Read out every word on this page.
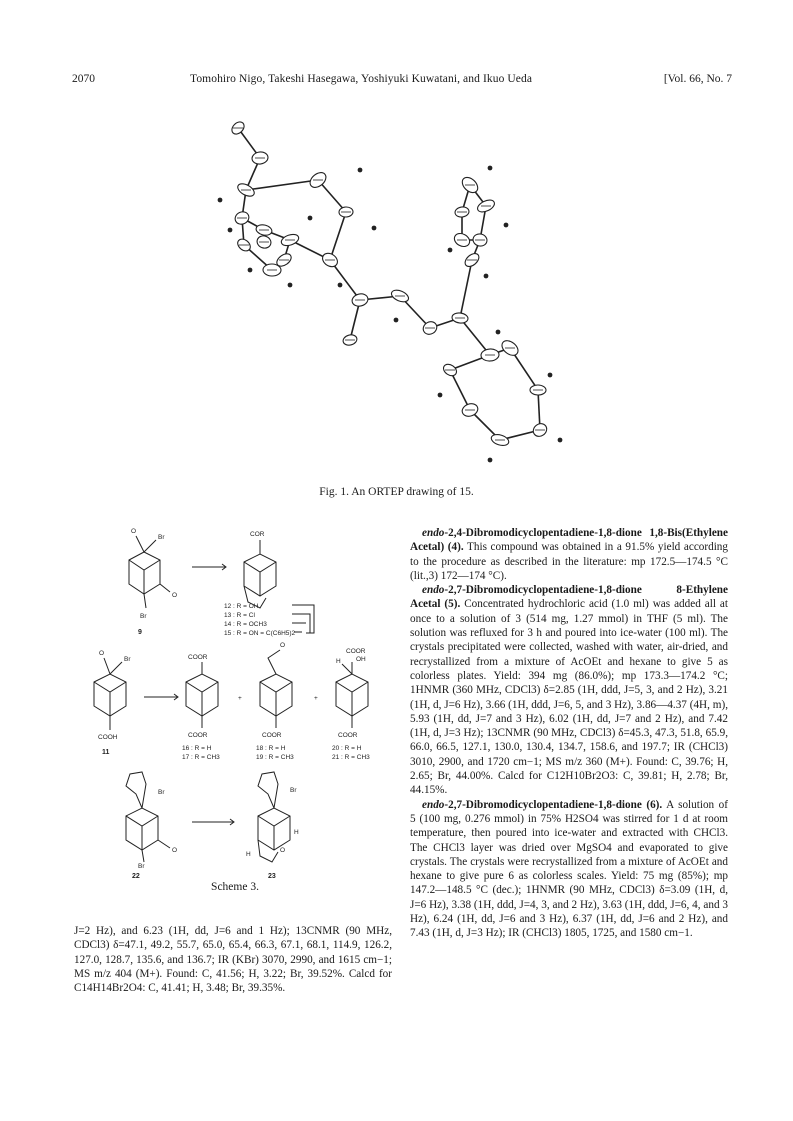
2070	Tomohiro Nigo, Takeshi Hasegawa, Yoshiyuki Kuwatani, and Ikuo Ueda	[Vol. 66, No. 7
Fig. 1. An ORTEP drawing of 15.
O
Br
Br
O
9
COR
12 : R = OH
13 : R = Cl
14 : R = OCH3
15 : R = ON = C(C6H5)2
O
Br
COOH
11
COOR
COOR
16 : R = H
17 : R = CH3
+
O
COOR
18 : R = H
19 : R = CH3
+
COOR
OH
H
COOR
20 : R = H
21 : R = CH3
Br
Br
O
22
Br
H
H
O
23
Scheme 3.

J=2 Hz), and 6.23 (1H, dd, J=6 and 1 Hz); 13CNMR (90 MHz, CDCl3) δ=47.1, 49.2, 55.7, 65.0, 65.4, 66.3, 67.1, 68.1, 114.9, 126.2, 127.0, 128.7, 135.6, and 136.7; IR (KBr) 3070, 2990, and 1615 cm−1; MS m/z 404 (M+). Found: C, 41.56; H, 3.22; Br, 39.52%. Calcd for C14H14Br2O4: C, 41.41; H, 3.48; Br, 39.35%.

endo-2,4-Dibromodicyclopentadiene-1,8-dione 1,8-Bis(Ethylene Acetal) (4). This compound was obtained in a 91.5% yield according to the procedure as described in the literature: mp 172.5—174.5 °C (lit.,3) 172—174 °C).

endo-2,7-Dibromodicyclopentadiene-1,8-dione 8-Ethylene Acetal (5). Concentrated hydrochloric acid (1.0 ml) was added all at once to a solution of 3 (514 mg, 1.27 mmol) in THF (5 ml). The solution was refluxed for 3 h and poured into ice-water (100 ml). The crystals precipitated were collected, washed with water, air-dried, and recrystallized from a mixture of AcOEt and hexane to give 5 as colorless plates. Yield: 394 mg (86.0%); mp 173.3—174.2 °C; 1HNMR (360 MHz, CDCl3) δ=2.85 (1H, ddd, J=5, 3, and 2 Hz), 3.21 (1H, d, J=6 Hz), 3.66 (1H, ddd, J=6, 5, and 3 Hz), 3.86—4.37 (4H, m), 5.93 (1H, dd, J=7 and 3 Hz), 6.02 (1H, dd, J=7 and 2 Hz), and 7.42 (1H, d, J=3 Hz); 13CNMR (90 MHz, CDCl3) δ=45.3, 47.3, 51.8, 65.9, 66.0, 66.5, 127.1, 130.0, 130.4, 134.7, 158.6, and 197.7; IR (CHCl3) 3010, 2900, and 1720 cm−1; MS m/z 360 (M+). Found: C, 39.76; H, 2.65; Br, 44.00%. Calcd for C12H10Br2O3: C, 39.81; H, 2.78; Br, 44.15%.

endo-2,7-Dibromodicyclopentadiene-1,8-dione (6). A solution of 5 (100 mg, 0.276 mmol) in 75% H2SO4 was stirred for 1 d at room temperature, then poured into ice-water and extracted with CHCl3. The CHCl3 layer was dried over MgSO4 and evaporated to give crystals. The crystals were recrystallized from a mixture of AcOEt and hexane to give pure 6 as colorless scales. Yield: 75 mg (85%); mp 147.2—148.5 °C (dec.); 1HNMR (90 MHz, CDCl3) δ=3.09 (1H, d, J=6 Hz), 3.38 (1H, ddd, J=4, 3, and 2 Hz), 3.63 (1H, ddd, J=6, 4, and 3 Hz), 6.24 (1H, dd, J=6 and 3 Hz), 6.37 (1H, dd, J=6 and 2 Hz), and 7.43 (1H, d, J=3 Hz); IR (CHCl3) 1805, 1725, and 1580 cm−1.
